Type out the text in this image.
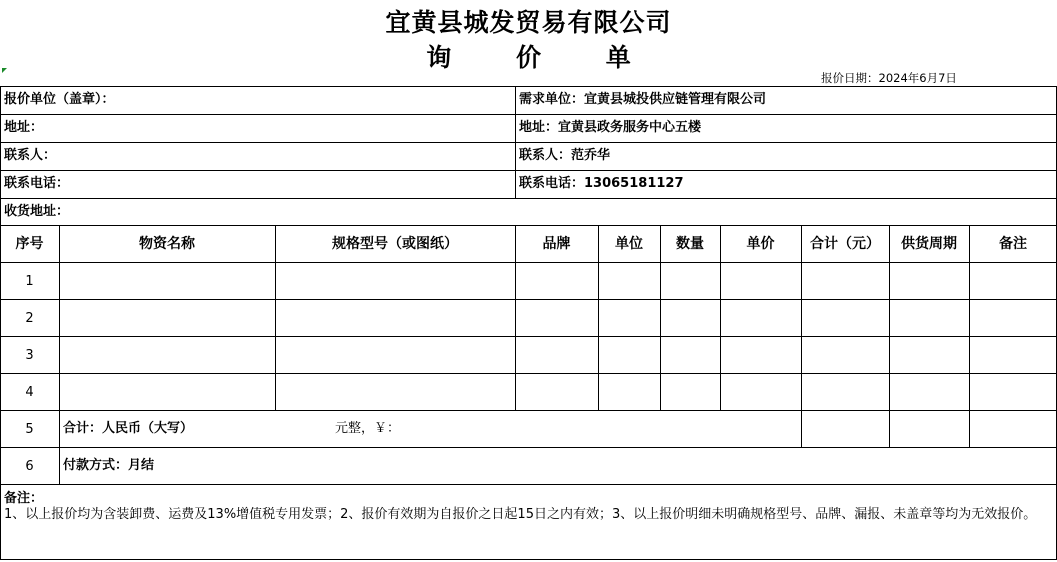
宜黄县城发贸易有限公司
询 价 单
报价日期：2024年6月7日
报价单位（盖章）：	需求单位：宜黄县城投供应链管理有限公司
地址：	地址：宜黄县政务服务中心五楼
联系人：	联系人：范乔华
联系电话：	联系电话：13065181127
收货地址：
序号	物资名称	规格型号（或图纸）	品牌	单位	数量	单价	合计（元）	供货周期	备注
1
2
3
4
5	合计：人民币（大写）	元整，￥：
6	付款方式：月结
备注：
1、以上报价均为含装卸费、运费及13%增值税专用发票；2、报价有效期为自报价之日起15日之内有效；3、以上报价明细未明确规格型号、品牌、漏报、未盖章等均为无效报价。
